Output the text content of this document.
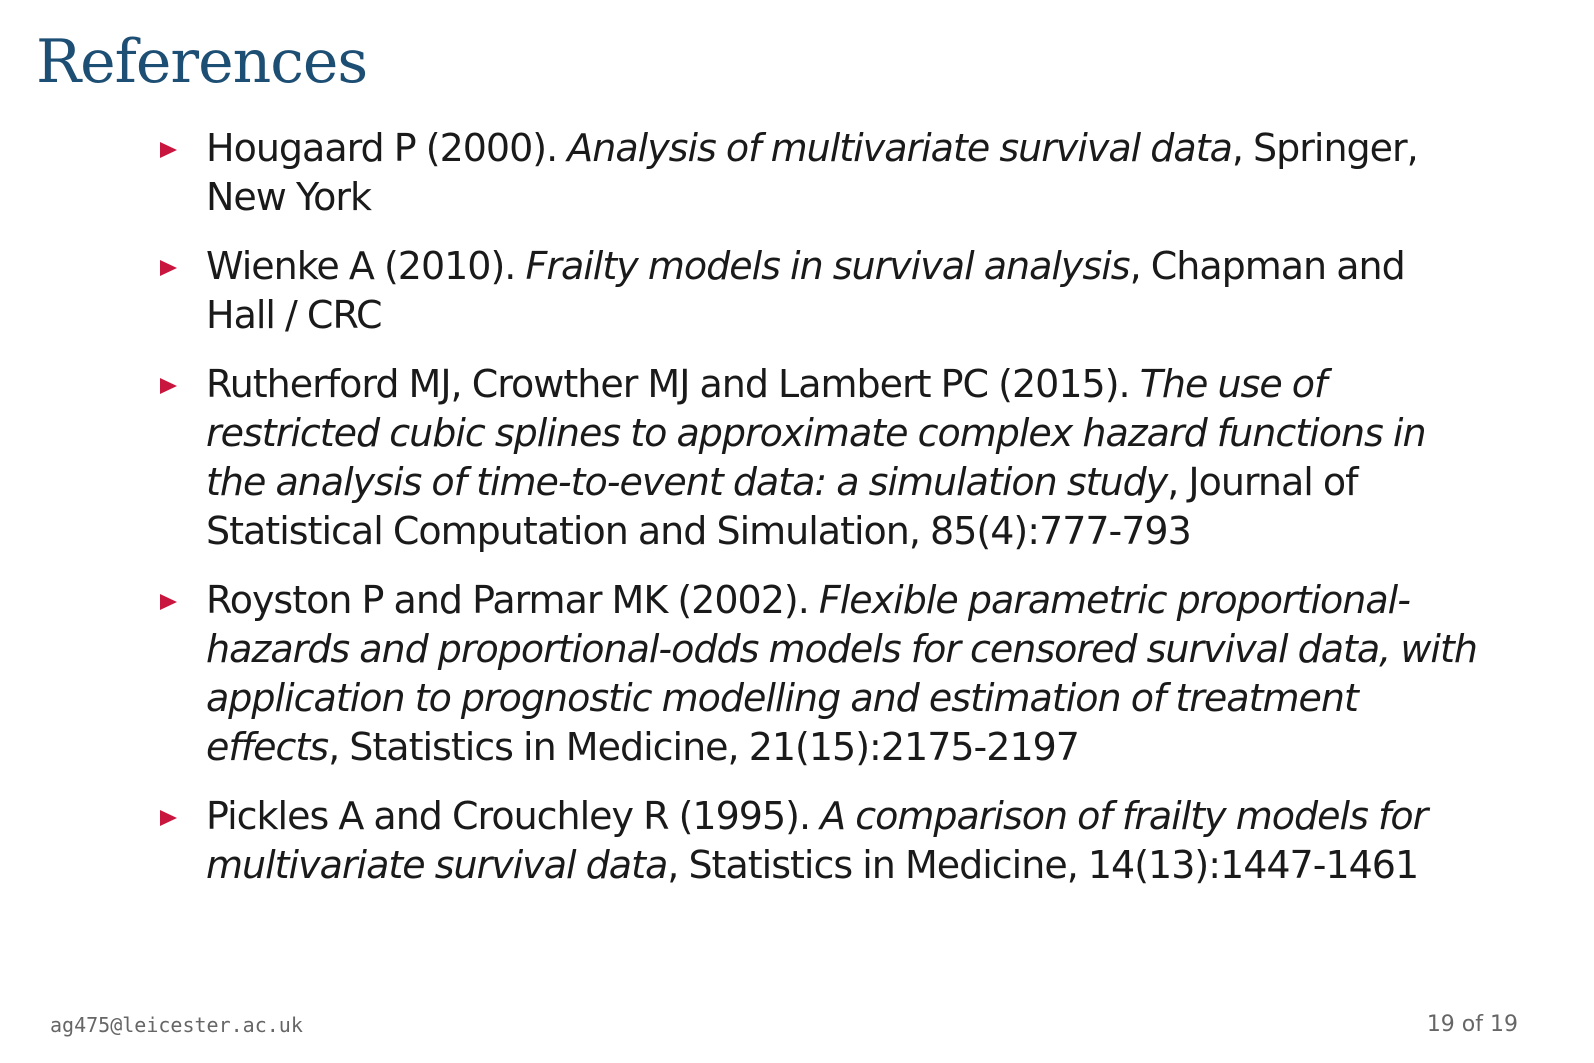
References
Hougaard P (2000). Analysis of multivariate survival data, Springer, New York
Wienke A (2010). Frailty models in survival analysis, Chapman and Hall / CRC
Rutherford MJ, Crowther MJ and Lambert PC (2015). The use of restricted cubic splines to approximate complex hazard functions in the analysis of time-to-event data: a simulation study, Journal of Statistical Computation and Simulation, 85(4):777-793
Royston P and Parmar MK (2002). Flexible parametric proportional-hazards and proportional-odds models for censored survival data, with application to prognostic modelling and estimation of treatment effects, Statistics in Medicine, 21(15):2175-2197
Pickles A and Crouchley R (1995). A comparison of frailty models for multivariate survival data, Statistics in Medicine, 14(13):1447-1461
ag475@leicester.ac.uk	19 of 19
